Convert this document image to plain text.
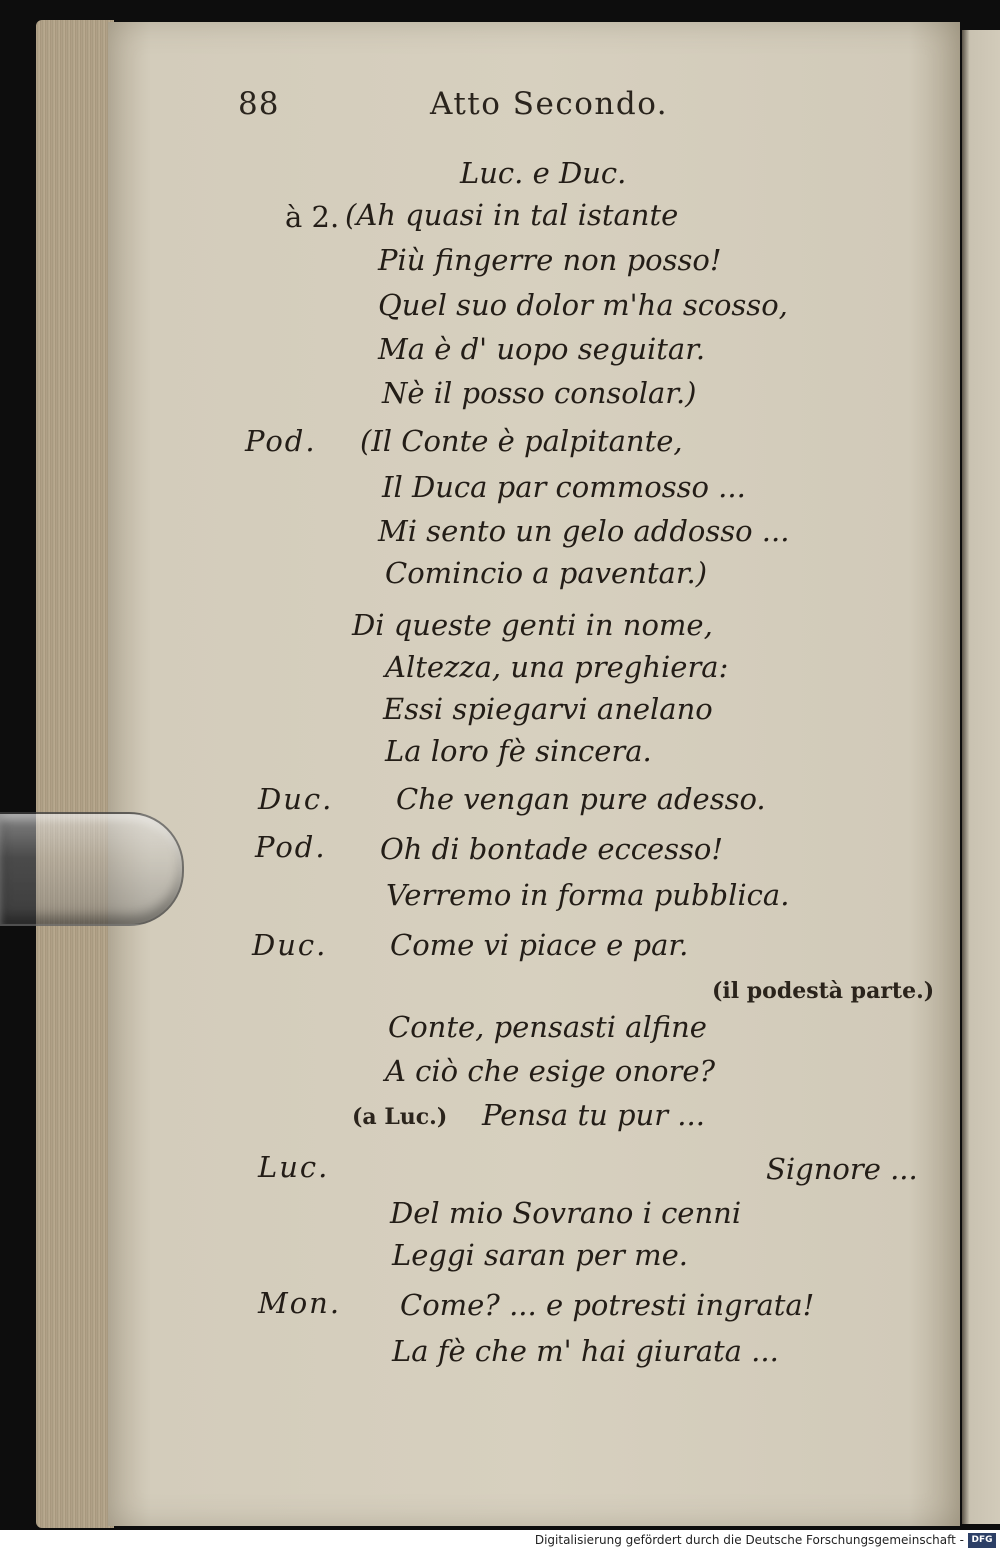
88	Atto Secondo.
Luc. e Duc.
à 2. (Ah quasi in tal istante
Più fingerre non posso!
Quel suo dolor m'ha scosso,
Ma è d' uopo seguitar.
Nè il posso consolar.)
Pod. (Il Conte è palpitante,
Il Duca par commosso ...
Mi sento un gelo addosso ...
Comincio a paventar.)
Di queste genti in nome,
Altezza, una preghiera:
Essi spiegarvi anelano
La loro fè sincera.
Duc. Che vengan pure adesso.
Pod. Oh di bontade eccesso!
Verremo in forma pubblica.
Duc. Come vi piace e par.
(il podestà parte.)
Conte, pensasti alfine
A ciò che esige onore?
(a Luc.) Pensa tu pur ...
Luc.	Signore ...
Del mio Sovrano i cenni
Leggi saran per me.
Mon. Come? ... e potresti ingrata!
La fè che m' hai giurata ...
Digitalisierung gefördert durch die Deutsche Forschungsgemeinschaft - DFG
